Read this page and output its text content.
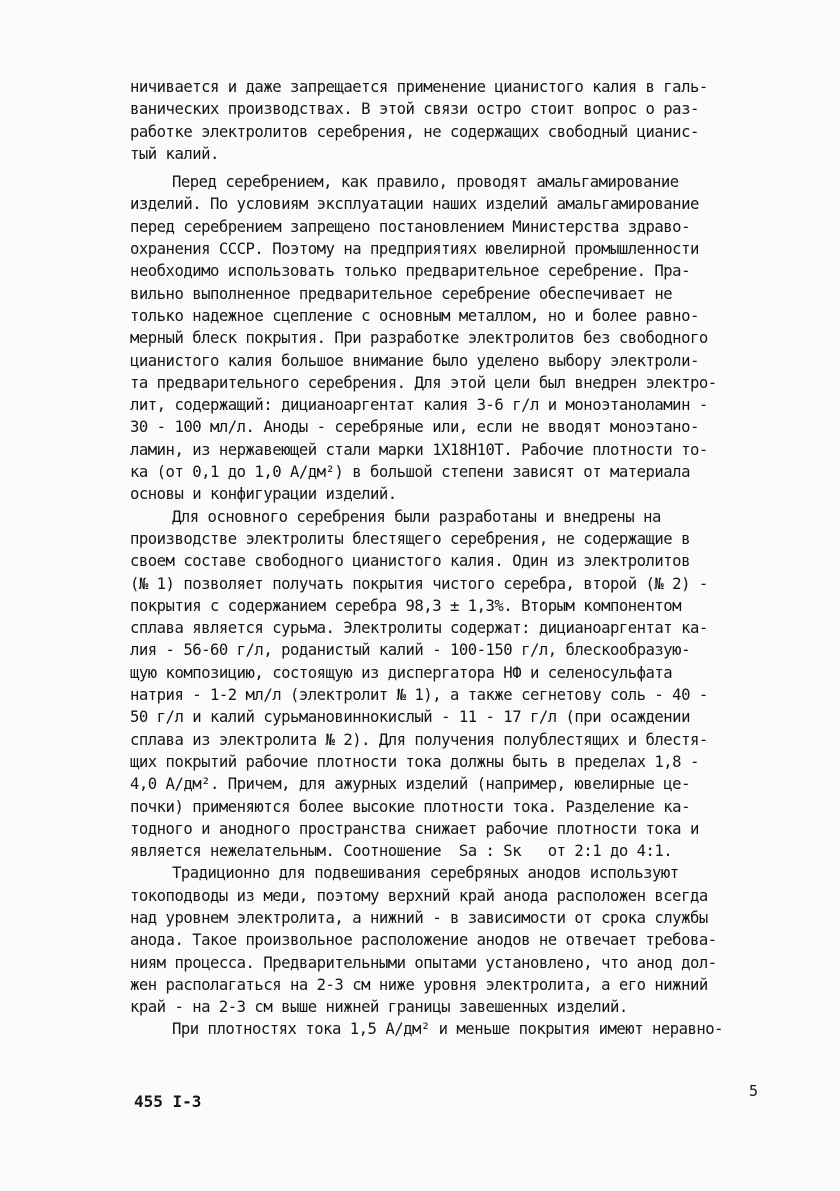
ничивается и даже запрещается применение цианистого калия в галь-
ванических производствах. В этой связи остро стоит вопрос о раз-
работке электролитов серебрения, не содержащих свободный цианис-
тый калий.
Перед серебрением, как правило, проводят амальгамирование
изделий. По условиям эксплуатации наших изделий амальгамирование
перед серебрением запрещено постановлением Министерства здраво-
охранения СССР. Поэтому на предприятиях ювелирной промышленности
необходимо использовать только предварительное серебрение. Пра-
вильно выполненное предварительное серебрение обеспечивает не
только надежное сцепление с основным металлом, но и более равно-
мерный блеск покрытия. При разработке электролитов без свободного
цианистого калия большое внимание было уделено выбору электроли-
та предварительного серебрения. Для этой цели был внедрен электро-
лит, содержащий: дицианоаргентат калия 3-6 г/л и моноэтаноламин -
30 - 100 мл/л. Аноды - серебряные или, если не вводят моноэтано-
ламин, из нержавеющей стали марки 1Х18Н10Т. Рабочие плотности то-
ка (от 0,1 до 1,0 А/дм²) в большой степени зависят от материала
основы и конфигурации изделий.
Для основного серебрения были разработаны и внедрены на
производстве электролиты блестящего серебрения, не содержащие в
своем составе свободного цианистого калия. Один из электролитов
(№ 1) позволяет получать покрытия чистого серебра, второй (№ 2) -
покрытия с содержанием серебра 98,3 ± 1,3%. Вторым компонентом
сплава является сурьма. Электролиты содержат: дицианоаргентат ка-
лия - 56-60 г/л, роданистый калий - 100-150 г/л, блескообразую-
щую композицию, состоящую из диспергатора НФ и селеносульфата
натрия - 1-2 мл/л (электролит № 1), а также сегнетову соль - 40 -
50 г/л и калий сурьмановиннокислый - 11 - 17 г/л (при осаждении
сплава из электролита № 2). Для получения полублестящих и блестя-
щих покрытий рабочие плотности тока должны быть в пределах 1,8 -
4,0 А/дм². Причем, для ажурных изделий (например, ювелирные це-
почки) применяются более высокие плотности тока. Разделение ка-
тодного и анодного пространства снижает рабочие плотности тока и
является нежелательным. Соотношение  Sа : Sк   от 2:1 до 4:1.
Традиционно для подвешивания серебряных анодов используют
токоподводы из меди, поэтому верхний край анода расположен всегда
над уровнем электролита, а нижний - в зависимости от срока службы
анода. Такое произвольное расположение анодов не отвечает требова-
ниям процесса. Предварительными опытами установлено, что анод дол-
жен располагаться на 2-3 см ниже уровня электролита, а его нижний
край - на 2-3 см выше нижней границы завешенных изделий.
При плотностях тока 1,5 А/дм² и меньше покрытия имеют неравно-
455 I-3
5
